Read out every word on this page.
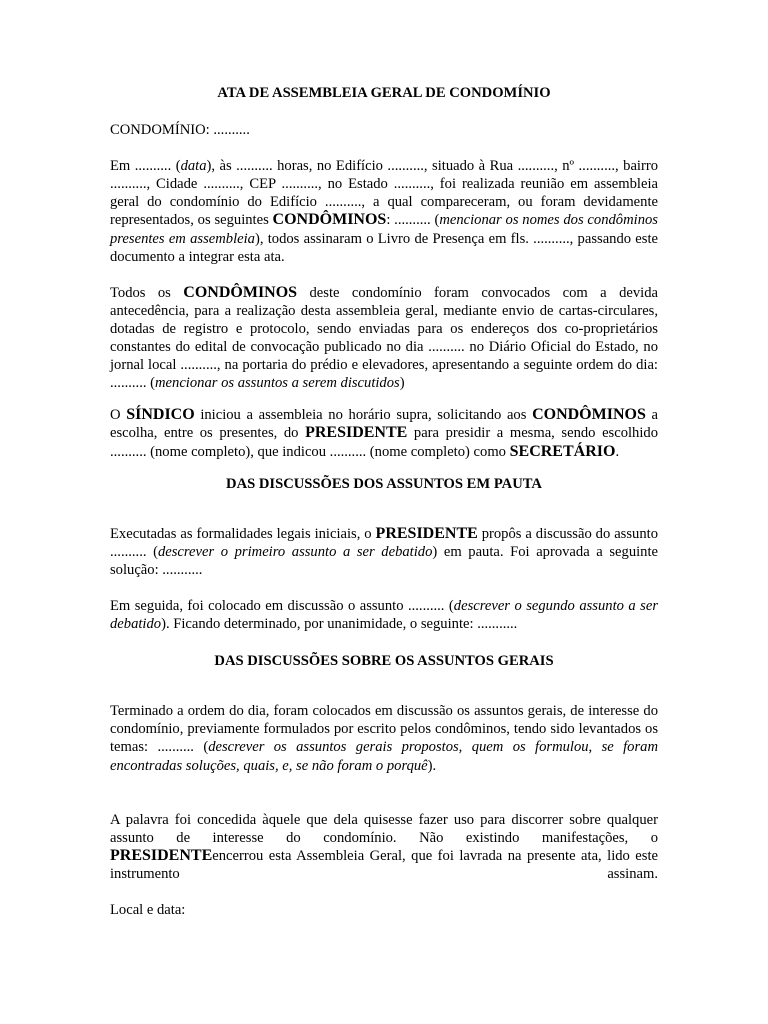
ATA DE ASSEMBLEIA GERAL DE CONDOMÍNIO

CONDOMÍNIO: ..........

Em .......... (data), às .......... horas, no Edifício .........., situado à Rua .........., nº .........., bairro .........., Cidade .........., CEP .........., no Estado .........., foi realizada reunião em assembleia geral do condomínio do Edifício .........., a qual compareceram, ou foram devidamente representados, os seguintes CONDÔMINOS: .......... (mencionar os nomes dos condôminos presentes em assembleia), todos assinaram o Livro de Presença em fls. .........., passando este documento a integrar esta ata.

Todos os CONDÔMINOS deste condomínio foram convocados com a devida antecedência, para a realização desta assembleia geral, mediante envio de cartas-circulares, dotadas de registro e protocolo, sendo enviadas para os endereços dos co-proprietários constantes do edital de convocação publicado no dia .......... no Diário Oficial do Estado, no jornal local .........., na portaria do prédio e elevadores, apresentando a seguinte ordem do dia: .......... (mencionar os assuntos a serem discutidos)

O SÍNDICO iniciou a assembleia no horário supra, solicitando aos CONDÔMINOS a escolha, entre os presentes, do PRESIDENTE para presidir a mesma, sendo escolhido .......... (nome completo), que indicou .......... (nome completo) como SECRETÁRIO.

DAS DISCUSSÕES DOS ASSUNTOS EM PAUTA

Executadas as formalidades legais iniciais, o PRESIDENTE propôs a discussão do assunto .......... (descrever o primeiro assunto a ser debatido) em pauta. Foi aprovada a seguinte solução: ...........

Em seguida, foi colocado em discussão o assunto .......... (descrever o segundo assunto a ser debatido). Ficando determinado, por unanimidade, o seguinte: ...........

DAS DISCUSSÕES SOBRE OS ASSUNTOS GERAIS

Terminado a ordem do dia, foram colocados em discussão os assuntos gerais, de interesse do condomínio, previamente formulados por escrito pelos condôminos, tendo sido levantados os temas: .......... (descrever os assuntos gerais propostos, quem os formulou, se foram encontradas soluções, quais, e, se não foram o porquê).

A palavra foi concedida àquele que dela quisesse fazer uso para discorrer sobre qualquer assunto de interesse do condomínio. Não existindo manifestações, o PRESIDENTEencerrou esta Assembleia Geral, que foi lavrada na presente ata, lido este instrumento assinam.

Local e data:
